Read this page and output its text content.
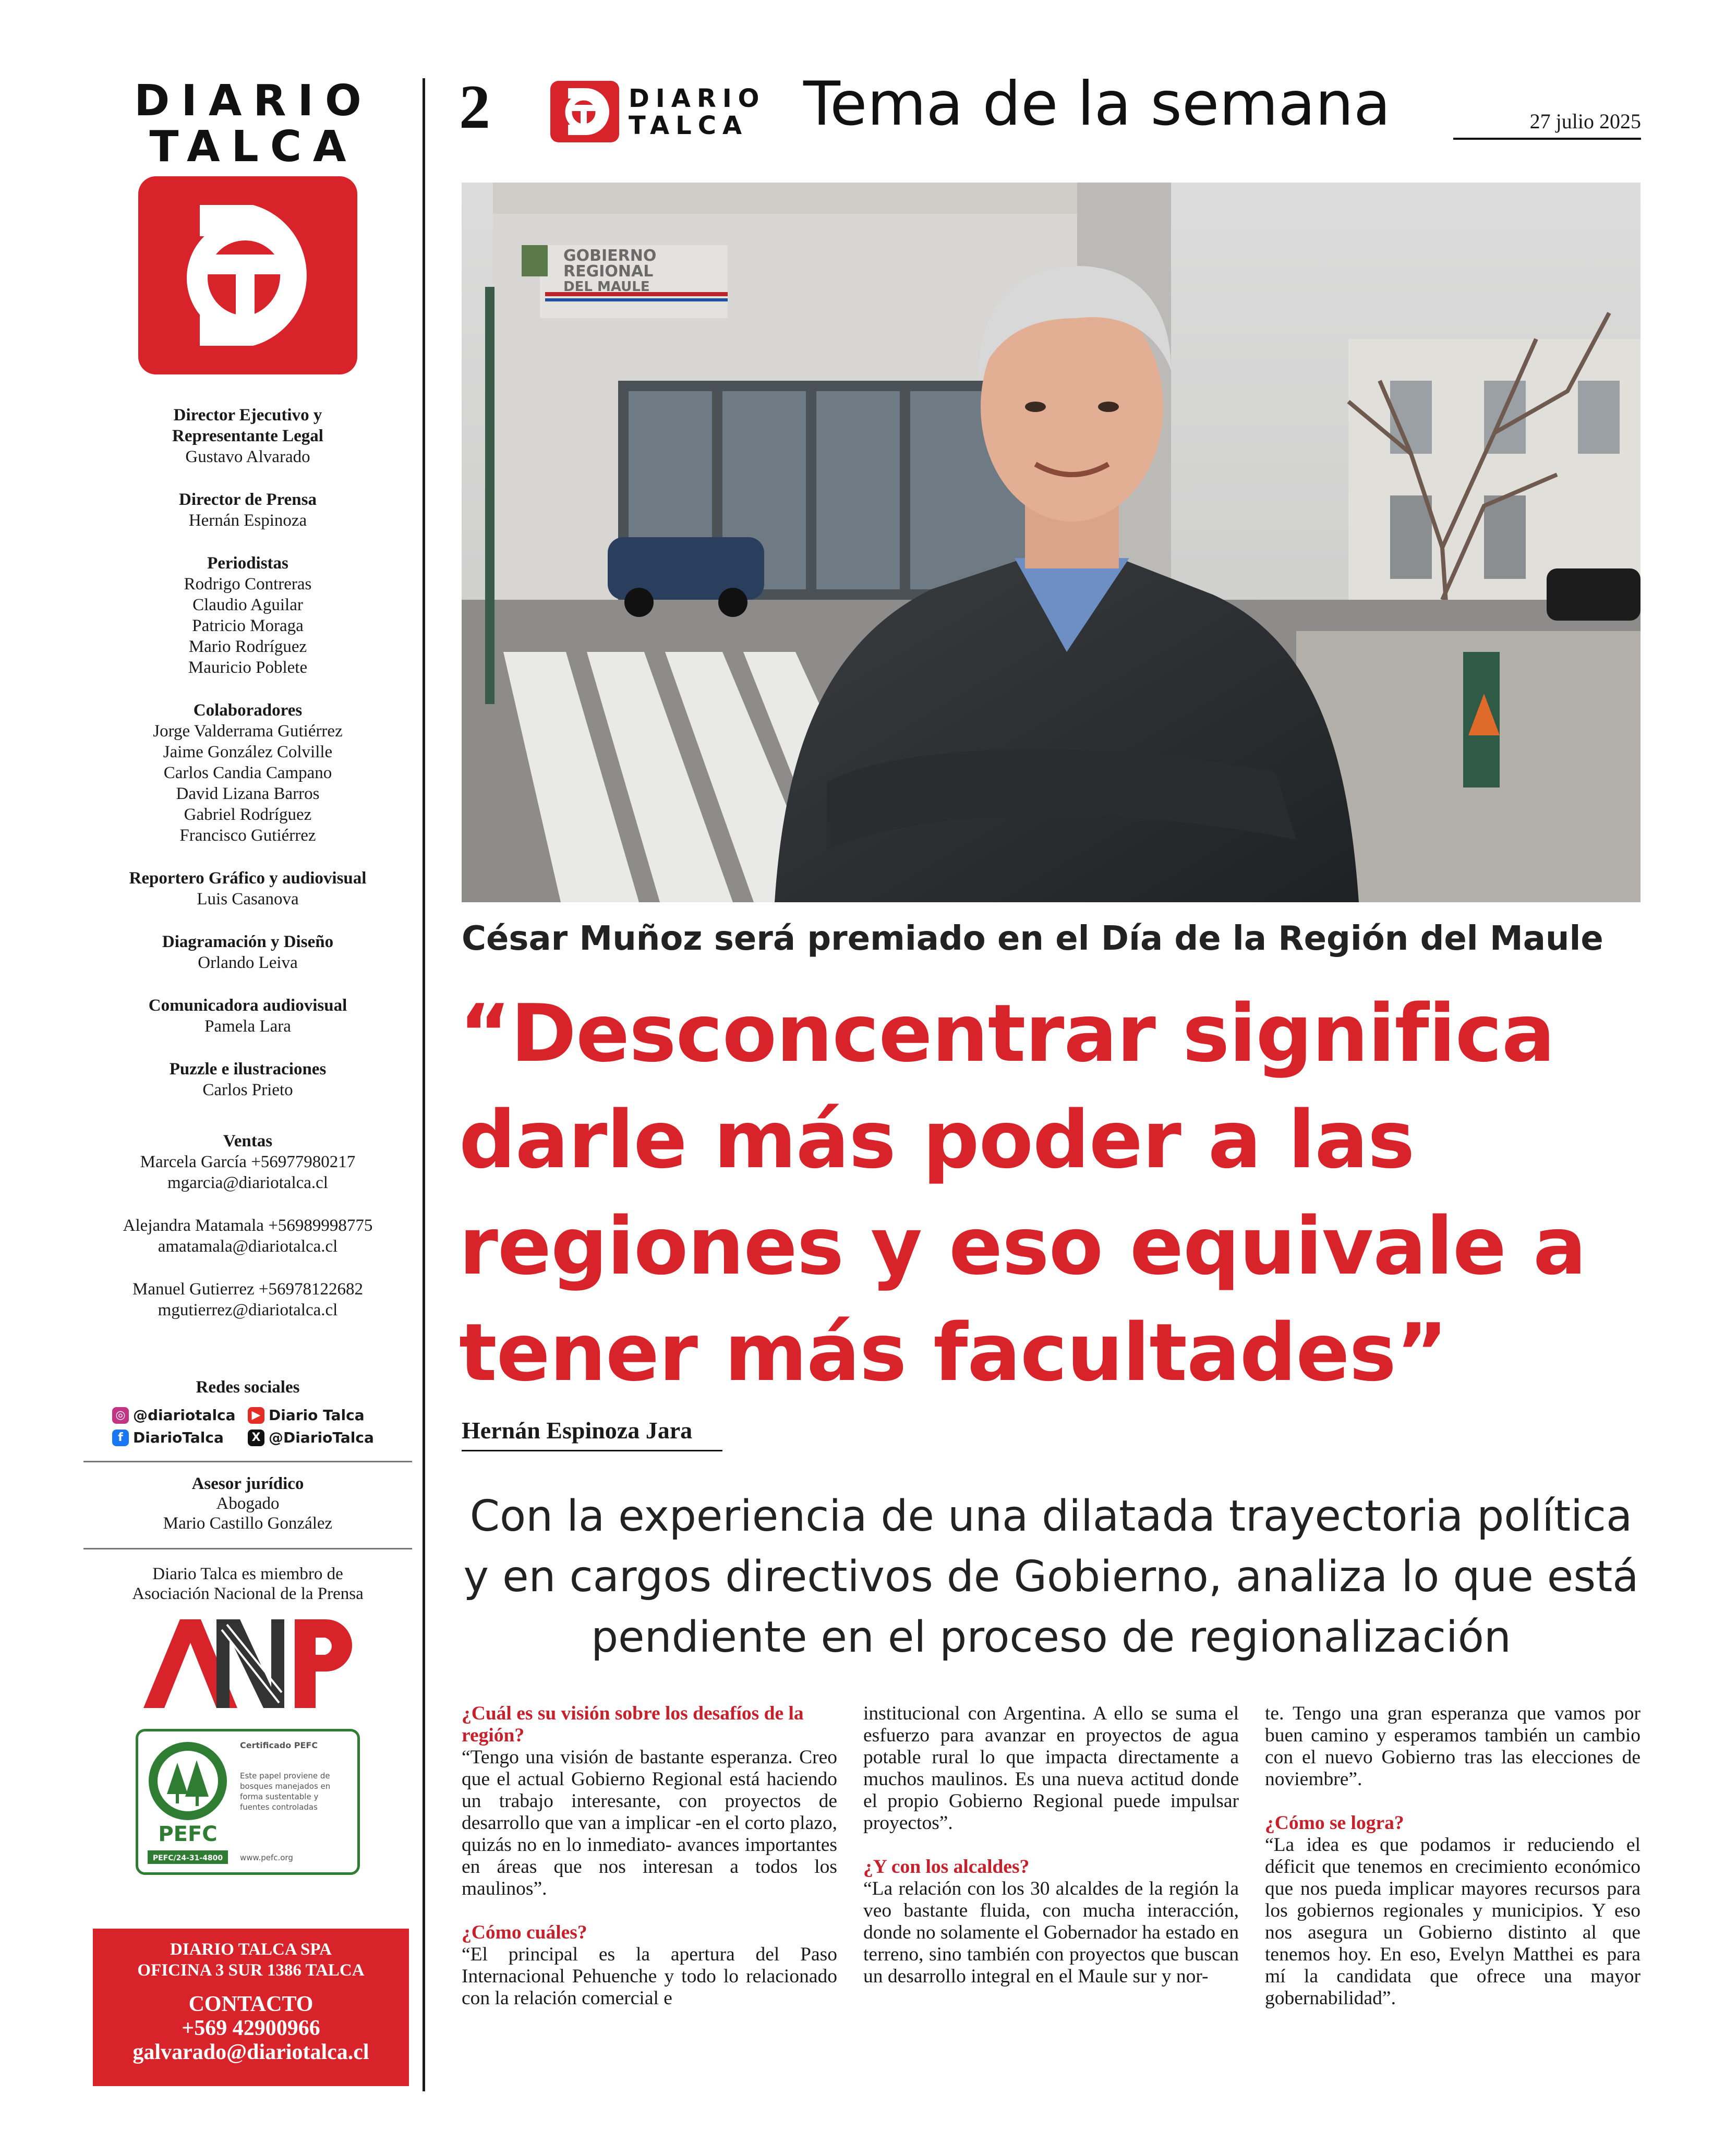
DIARIO
TALCA
Director Ejecutivo y
Representante Legal
Gustavo Alvarado
Director de Prensa
Hernán Espinoza
Periodistas
Rodrigo Contreras
Claudio Aguilar
Patricio Moraga
Mario Rodríguez
Mauricio Poblete
Colaboradores
Jorge Valderrama Gutiérrez
Jaime González Colville
Carlos Candia Campano
David Lizana Barros
Gabriel Rodríguez
Francisco Gutiérrez
Reportero Gráfico y audiovisual
Luis Casanova
Diagramación y Diseño
Orlando Leiva
Comunicadora audiovisual
Pamela Lara
Puzzle e ilustraciones
Carlos Prieto
Ventas
Marcela García +56977980217
mgarcia@diariotalca.cl
Alejandra Matamala +56989998775
amatamala@diariotalca.cl
Manuel Gutierrez +56978122682
mgutierrez@diariotalca.cl
Redes sociales
◎ @diariotalca	▶ Diario Talca
f DiarioTalca	X @DiarioTalca
Asesor jurídico
Abogado
Mario Castillo González
Diario Talca es miembro de
Asociación Nacional de la Prensa
PEFC
PEFC/24-31-4800
Certificado PEFC
Este papel proviene de
bosques manejados en
forma sustentable y
fuentes controladas
www.pefc.org
DIARIO TALCA SPA
OFICINA 3 SUR 1386 TALCA
CONTACTO
+569 42900966
galvarado@diariotalca.cl
2	DIARIO
TALCA Tema de la semana	27 julio 2025
GOBIERNO
REGIONAL
DEL MAULE
César Muñoz será premiado en el Día de la Región del Maule
“Desconcentrar significa darle más poder a las regiones y eso equivale a tener más facultades”
Hernán Espinoza Jara
Con la experiencia de una dilatada trayectoria política y en cargos directivos de Gobierno, analiza lo que está pendiente en el proceso de regionalización
¿Cuál es su visión sobre los desafíos de la región?
“Tengo una visión de bastante esperanza. Creo que el actual Gobierno Regional está haciendo un trabajo interesante, con proyectos de desarrollo que van a implicar -en el corto plazo, quizás no en lo inmediato- avances importantes en áreas que nos interesan a todos los maulinos”.
¿Cómo cuáles?
“El principal es la apertura del Paso Internacional Pehuenche y todo lo relacionado con la relación comercial e
institucional con Argentina. A ello se suma el esfuerzo para avanzar en proyectos de agua potable rural lo que impacta directamente a muchos maulinos. Es una nueva actitud donde el propio Gobierno Regional puede impulsar proyectos”.
¿Y con los alcaldes?
“La relación con los 30 alcaldes de la región la veo bastante fluida, con mucha interacción, donde no solamente el Gobernador ha estado en terreno, sino también con proyectos que buscan un desarrollo integral en el Maule sur y nor-
te. Tengo una gran esperanza que vamos por buen camino y esperamos también un cambio con el nuevo Gobierno tras las elecciones de noviembre”.
¿Cómo se logra?
“La idea es que podamos ir reduciendo el déficit que tenemos en crecimiento económico que nos pueda implicar mayores recursos para los gobiernos regionales y municipios. Y eso nos asegura un Gobierno distinto al que tenemos hoy. En eso, Evelyn Matthei es para mí la candidata que ofrece una mayor gobernabilidad”.
